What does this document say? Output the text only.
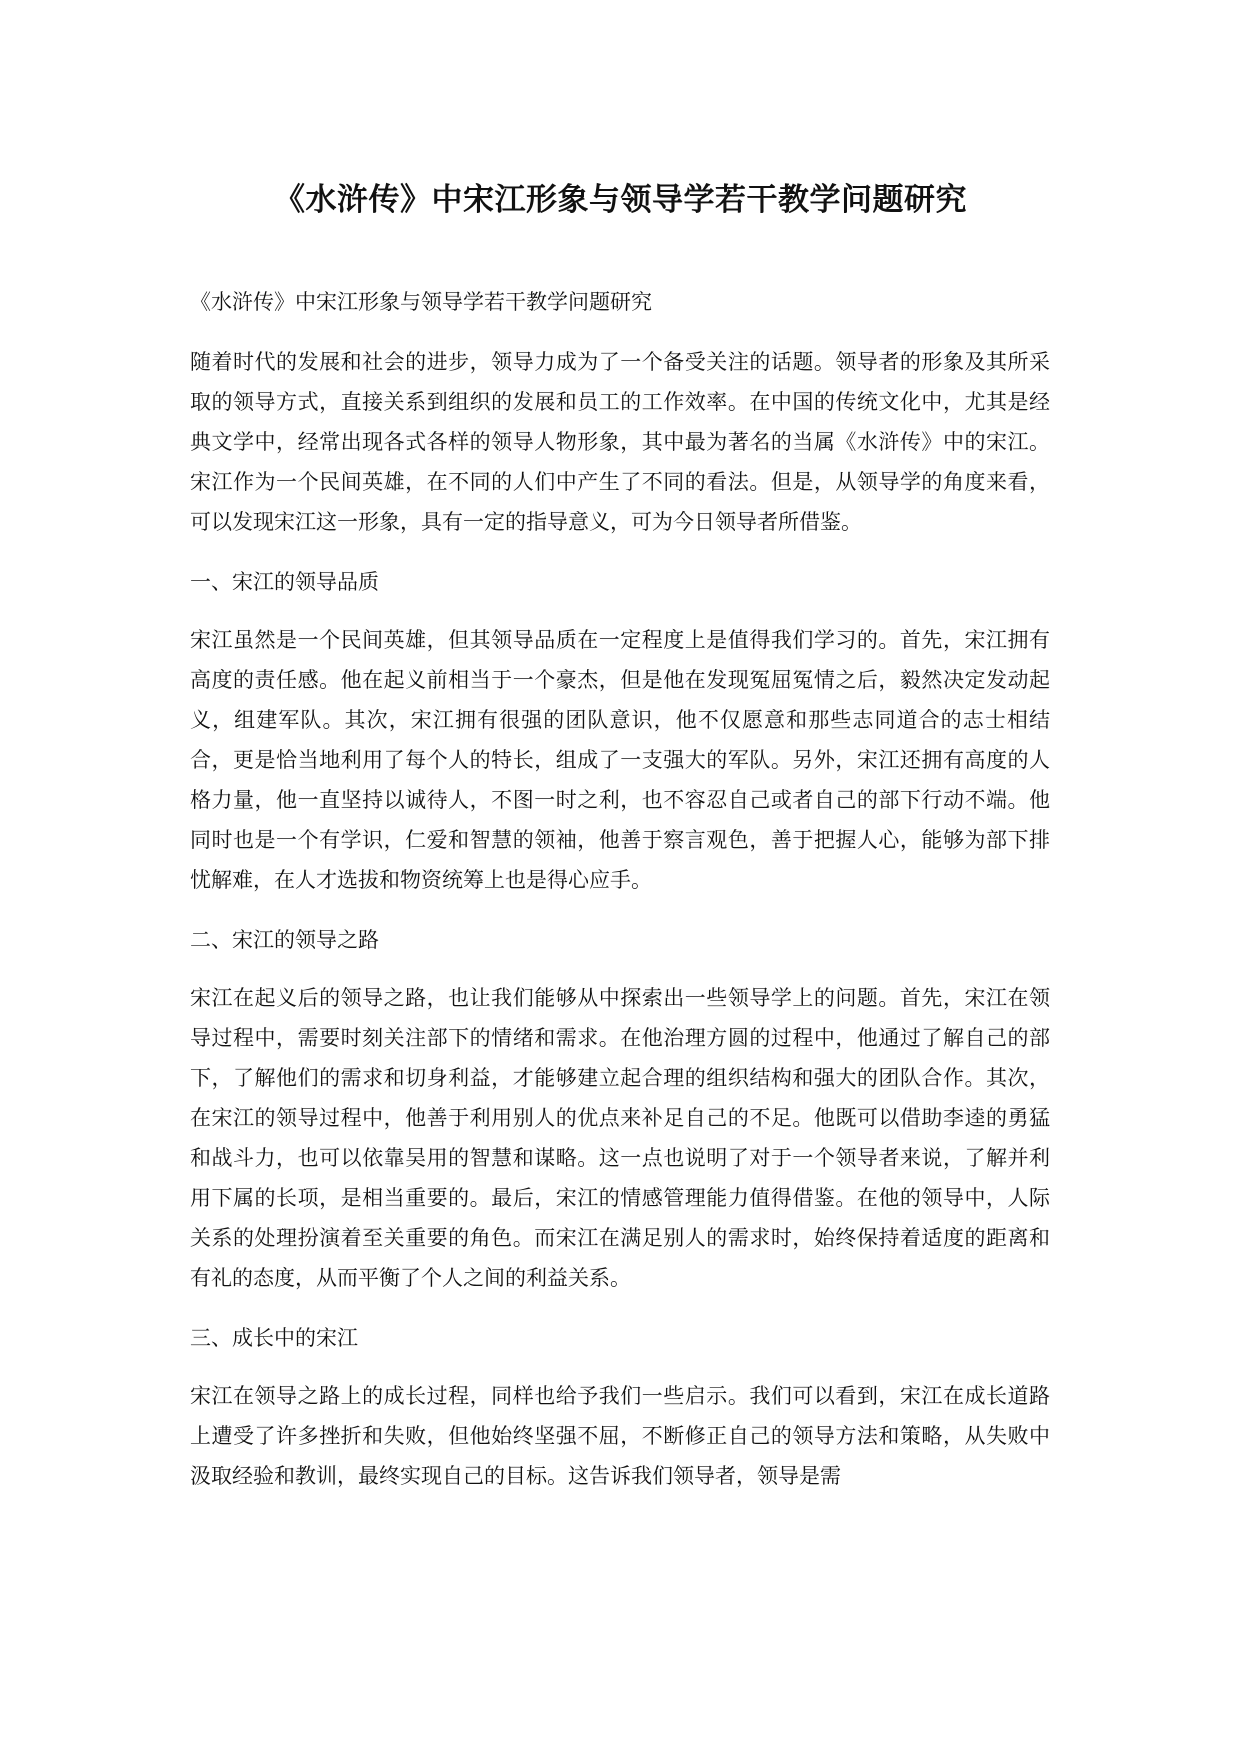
《水浒传》中宋江形象与领导学若干教学问题研究

《水浒传》中宋江形象与领导学若干教学问题研究

随着时代的发展和社会的进步，领导力成为了一个备受关注的话题。领导者的形象及其所采取的领导方式，直接关系到组织的发展和员工的工作效率。在中国的传统文化中，尤其是经典文学中，经常出现各式各样的领导人物形象，其中最为著名的当属《水浒传》中的宋江。宋江作为一个民间英雄，在不同的人们中产生了不同的看法。但是，从领导学的角度来看，可以发现宋江这一形象，具有一定的指导意义，可为今日领导者所借鉴。

一、宋江的领导品质

宋江虽然是一个民间英雄，但其领导品质在一定程度上是值得我们学习的。首先，宋江拥有高度的责任感。他在起义前相当于一个豪杰，但是他在发现冤屈冤情之后，毅然决定发动起义，组建军队。其次，宋江拥有很强的团队意识，他不仅愿意和那些志同道合的志士相结合，更是恰当地利用了每个人的特长，组成了一支强大的军队。另外，宋江还拥有高度的人格力量，他一直坚持以诚待人，不图一时之利，也不容忍自己或者自己的部下行动不端。他同时也是一个有学识，仁爱和智慧的领袖，他善于察言观色，善于把握人心，能够为部下排忧解难，在人才选拔和物资统筹上也是得心应手。

二、宋江的领导之路

宋江在起义后的领导之路，也让我们能够从中探索出一些领导学上的问题。首先，宋江在领导过程中，需要时刻关注部下的情绪和需求。在他治理方圆的过程中，他通过了解自己的部下，了解他们的需求和切身利益，才能够建立起合理的组织结构和强大的团队合作。其次，在宋江的领导过程中，他善于利用别人的优点来补足自己的不足。他既可以借助李逵的勇猛和战斗力，也可以依靠吴用的智慧和谋略。这一点也说明了对于一个领导者来说，了解并利用下属的长项，是相当重要的。最后，宋江的情感管理能力值得借鉴。在他的领导中，人际关系的处理扮演着至关重要的角色。而宋江在满足别人的需求时，始终保持着适度的距离和有礼的态度，从而平衡了个人之间的利益关系。

三、成长中的宋江

宋江在领导之路上的成长过程，同样也给予我们一些启示。我们可以看到，宋江在成长道路上遭受了许多挫折和失败，但他始终坚强不屈，不断修正自己的领导方法和策略，从失败中汲取经验和教训，最终实现自己的目标。这告诉我们领导者，领导是需
